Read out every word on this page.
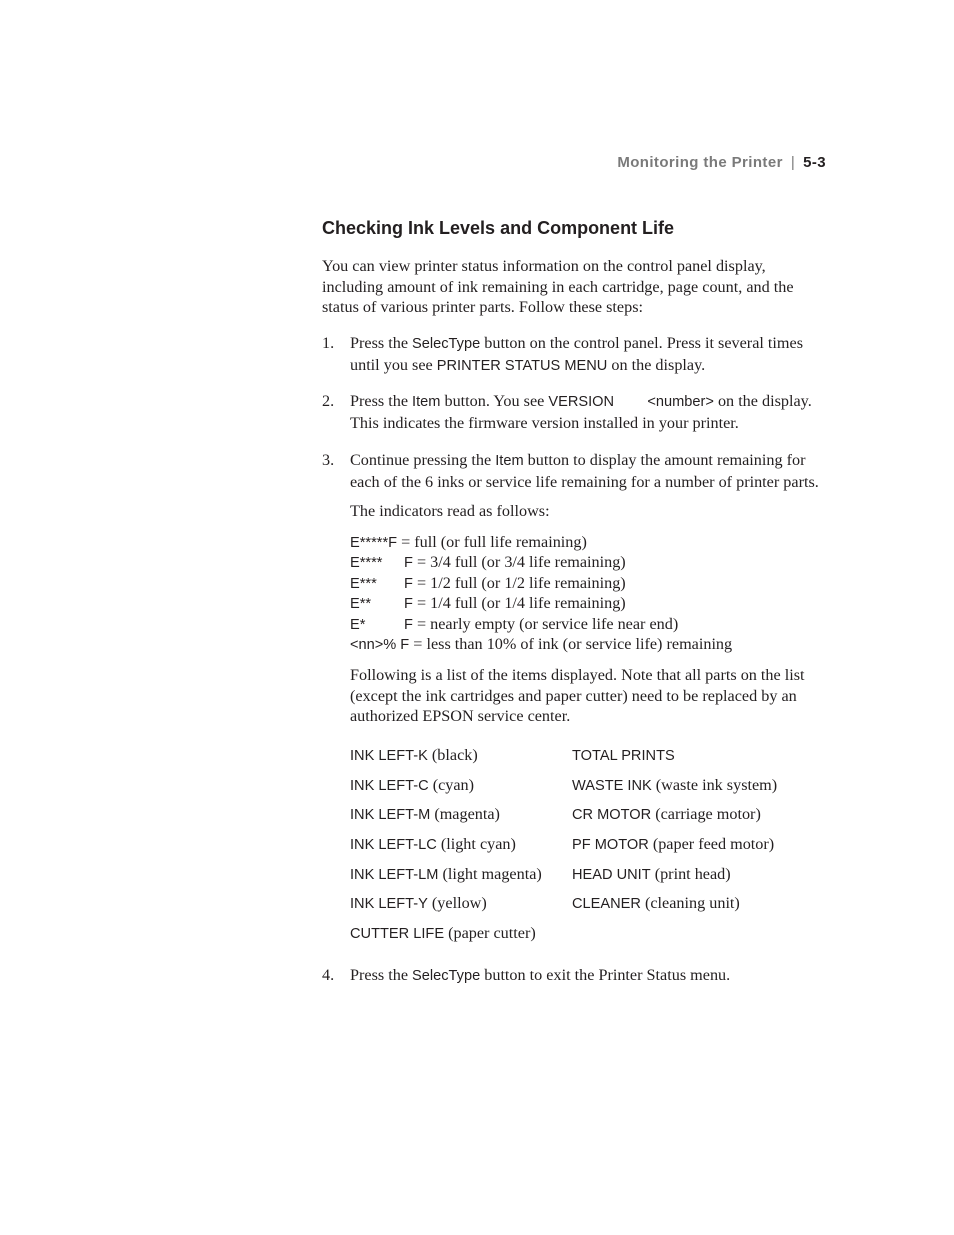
Monitoring the Printer | 5-3
Checking Ink Levels and Component Life
You can view printer status information on the control panel display, including amount of ink remaining in each cartridge, page count, and the status of various printer parts. Follow these steps:
1. Press the SelecType button on the control panel. Press it several times until you see PRINTER STATUS MENU on the display.
2. Press the Item button. You see VERSION <number> on the display. This indicates the firmware version installed in your printer.
3. Continue pressing the Item button to display the amount remaining for each of the 6 inks or service life remaining for a number of printer parts.
The indicators read as follows:
E*****F = full (or full life remaining)
E**** F = 3/4 full (or 3/4 life remaining)
E*** F = 1/2 full (or 1/2 life remaining)
E** F = 1/4 full (or 1/4 life remaining)
E*	F = nearly empty (or service life near end)
<nn>% F = less than 10% of ink (or service life) remaining
Following is a list of the items displayed. Note that all parts on the list (except the ink cartridges and paper cutter) need to be replaced by an authorized EPSON service center.
INK LEFT-K (black)	TOTAL PRINTS
INK LEFT-C (cyan)	WASTE INK (waste ink system)
INK LEFT-M (magenta)	CR MOTOR (carriage motor)
INK LEFT-LC (light cyan)	PF MOTOR (paper feed motor)
INK LEFT-LM (light magenta) HEAD UNIT (print head)
INK LEFT-Y (yellow)	CLEANER (cleaning unit)
CUTTER LIFE (paper cutter)
4. Press the SelecType button to exit the Printer Status menu.
